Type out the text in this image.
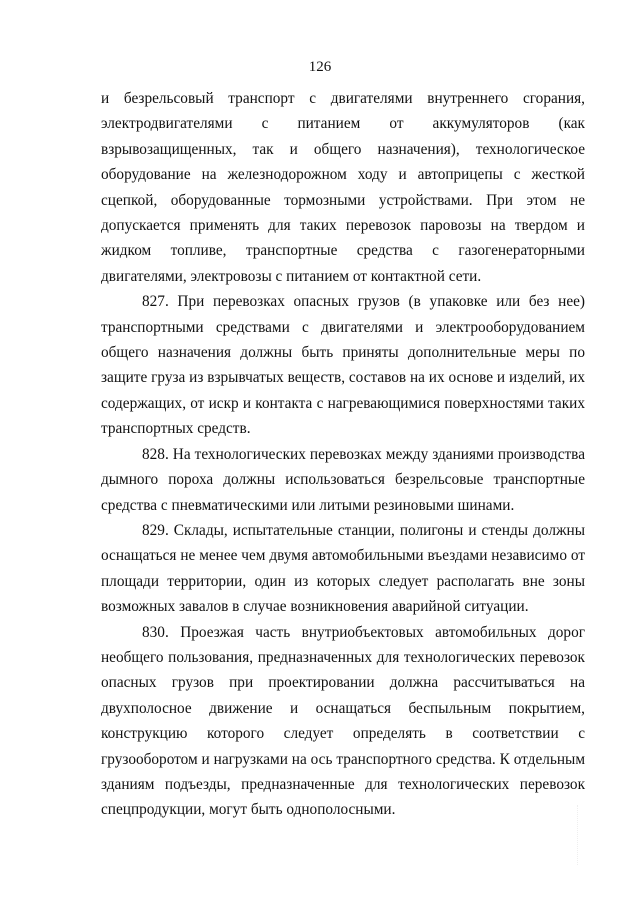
126

и безрельсовый транспорт с двигателями внутреннего сгорания, электродвигателями с питанием от аккумуляторов (как взрывозащищенных, так и общего назначения), технологическое оборудование на железнодорожном ходу и автоприцепы с жесткой сцепкой, оборудованные тормозными устройствами. При этом не допускается применять для таких перевозок паровозы на твердом и жидком топливе, транспортные средства с газогенераторными двигателями, электровозы с питанием от контактной сети.

827. При перевозках опасных грузов (в упаковке или без нее) транспортными средствами с двигателями и электрооборудованием общего назначения должны быть приняты дополнительные меры по защите груза из взрывчатых веществ, составов на их основе и изделий, их содержащих, от искр и контакта с нагревающимися поверхностями таких транспортных средств.

828. На технологических перевозках между зданиями производства дымного пороха должны использоваться безрельсовые транспортные средства с пневматическими или литыми резиновыми шинами.

829. Склады, испытательные станции, полигоны и стенды должны оснащаться не менее чем двумя автомобильными въездами независимо от площади территории, один из которых следует располагать вне зоны возможных завалов в случае возникновения аварийной ситуации.

830. Проезжая часть внутриобъектовых автомобильных дорог необщего пользования, предназначенных для технологических перевозок опасных грузов при проектировании должна рассчитываться на двухполосное движение и оснащаться беспыльным покрытием, конструкцию которого следует определять в соответствии с грузооборотом и нагрузками на ось транспортного средства. К отдельным зданиям подъезды, предназначенные для технологических перевозок спецпродукции, могут быть однополосными.
